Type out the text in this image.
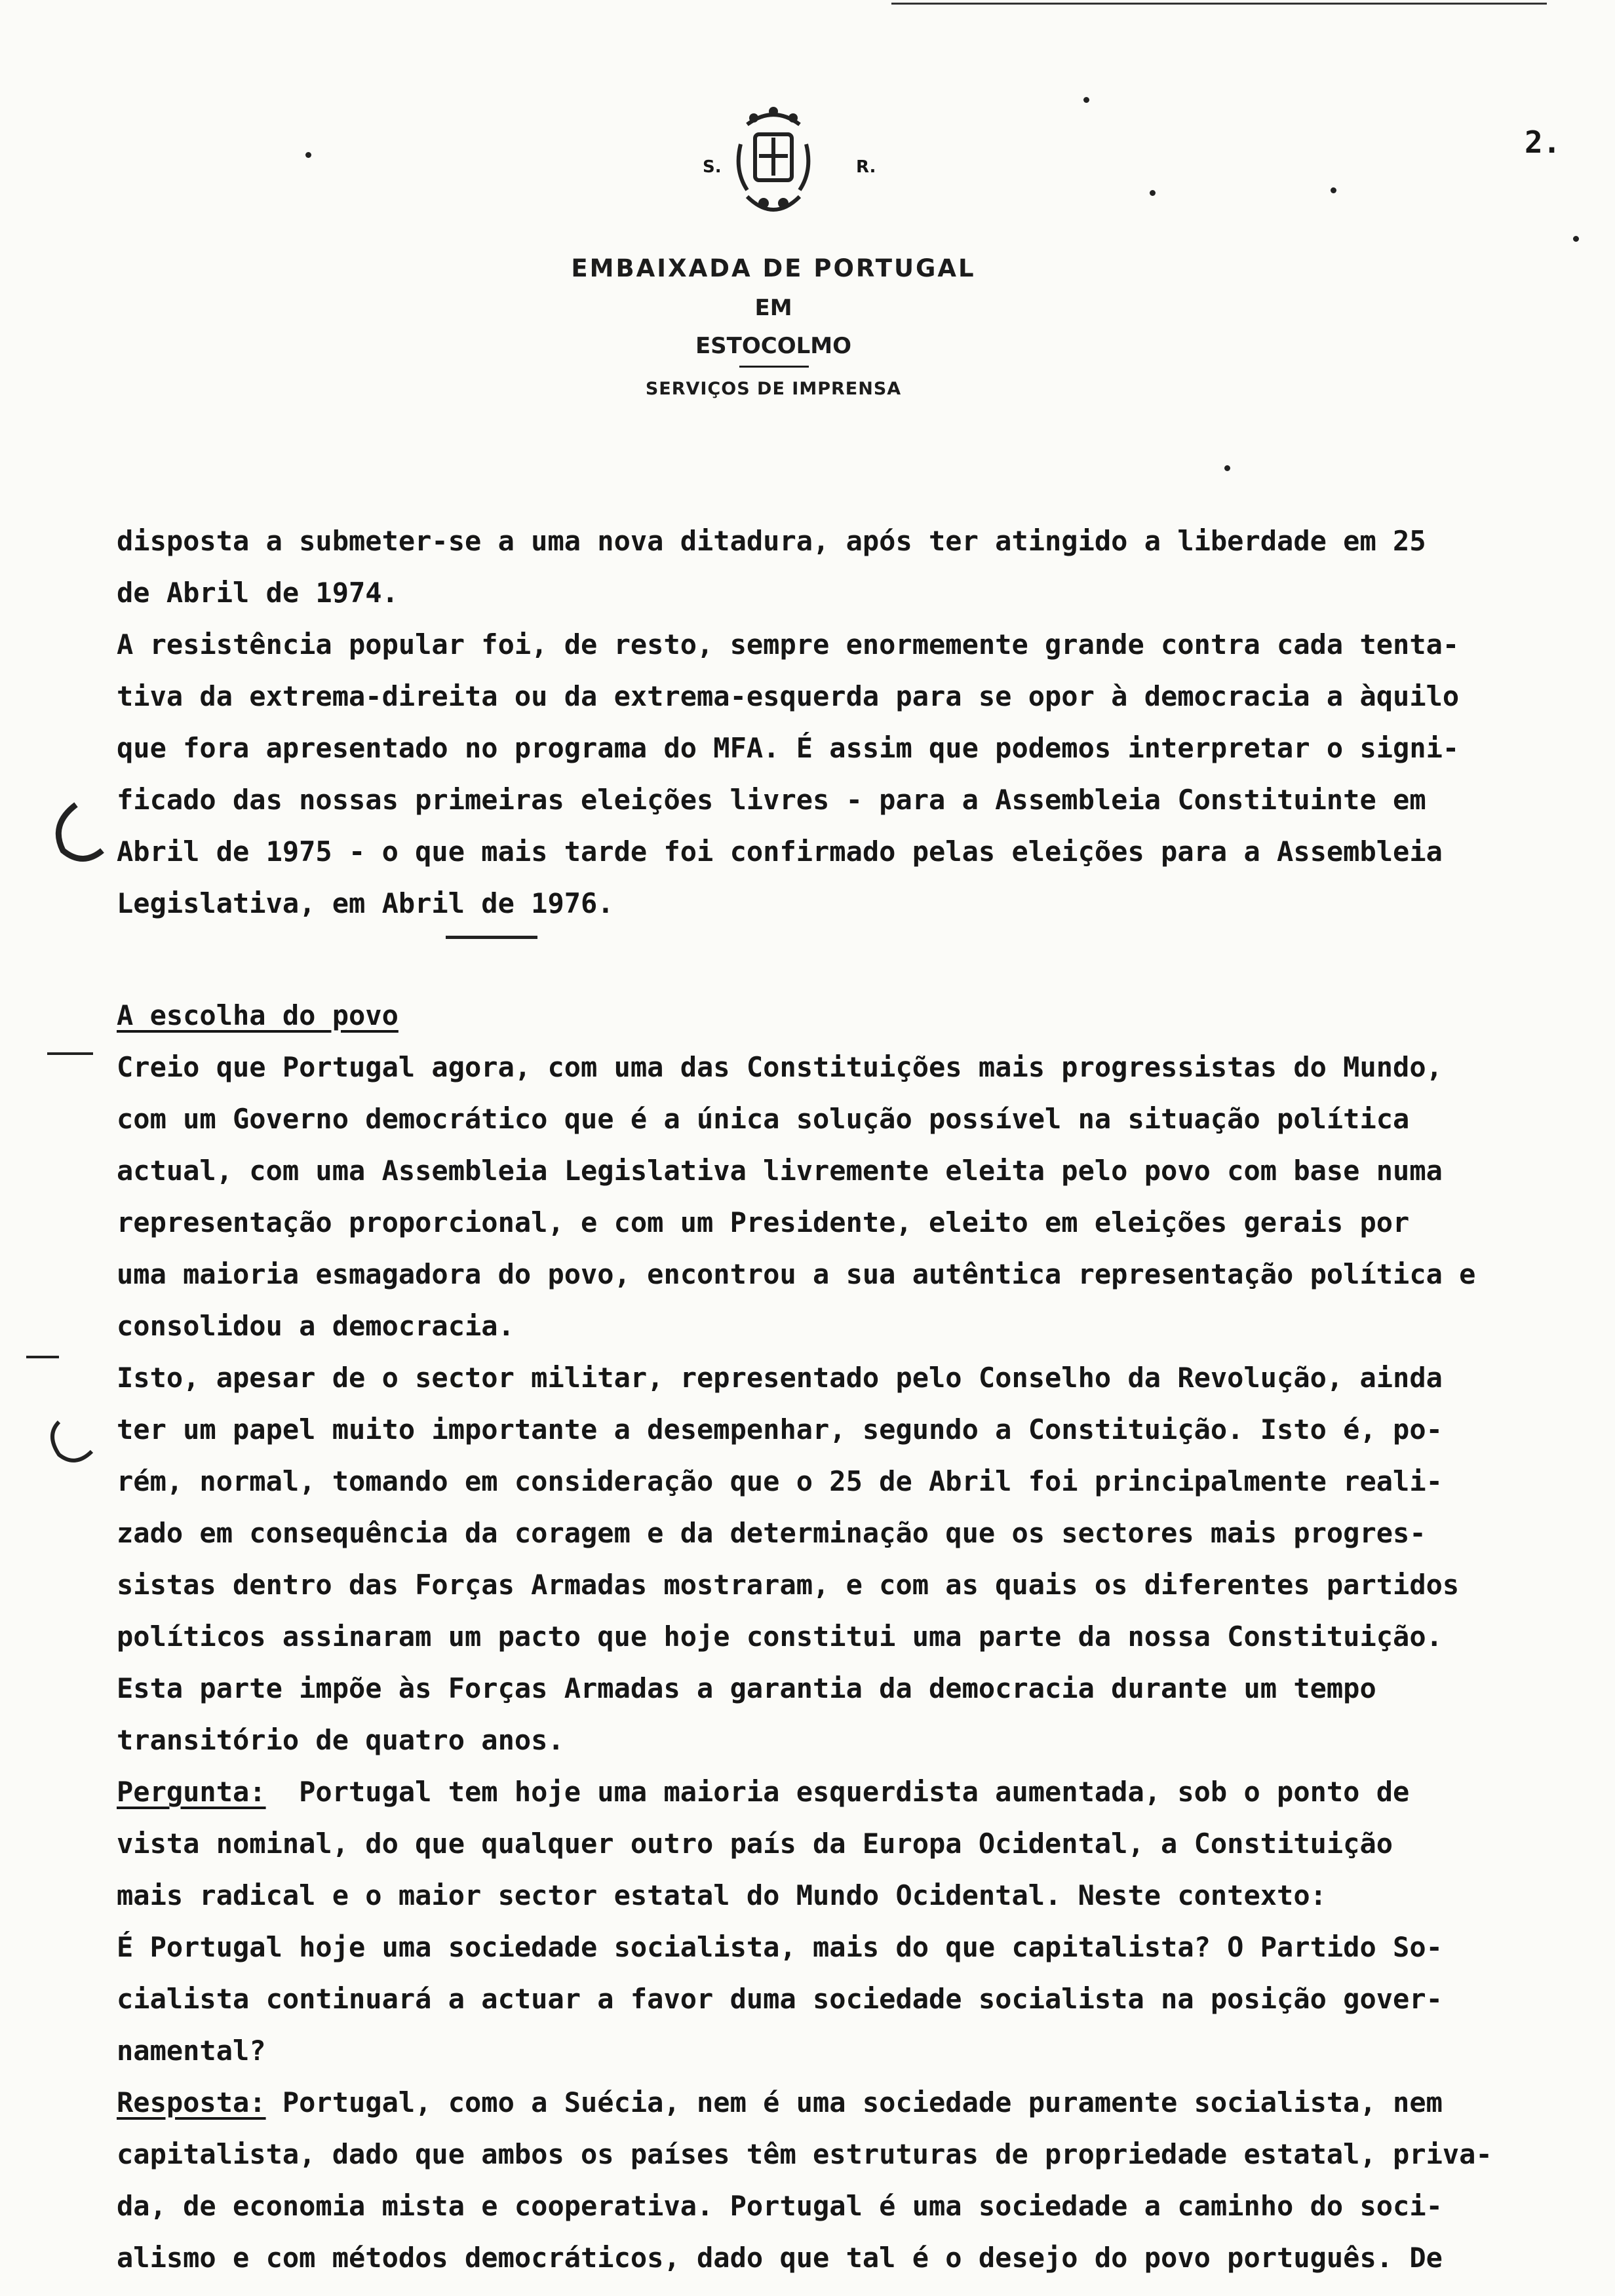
2.
S.	R.
EMBAIXADA DE PORTUGAL
EM
ESTOCOLMO
SERVIÇOS DE IMPRENSA
disposta a submeter-se a uma nova ditadura, após ter atingido a liberdade em 25
de Abril de 1974.
A resistência popular foi, de resto, sempre enormemente grande contra cada tenta-
tiva da extrema-direita ou da extrema-esquerda para se opor à democracia a àquilo
que fora apresentado no programa do MFA. É assim que podemos interpretar o signi-
ficado das nossas primeiras eleições livres - para a Assembleia Constituinte em
Abril de 1975 - o que mais tarde foi confirmado pelas eleições para a Assembleia
Legislativa, em Abril de 1976.
A escolha do povo
Creio que Portugal agora, com uma das Constituições mais progressistas do Mundo,
com um Governo democrático que é a única solução possível na situação política
actual, com uma Assembleia Legislativa livremente eleita pelo povo com base numa
representação proporcional, e com um Presidente, eleito em eleições gerais por
uma maioria esmagadora do povo, encontrou a sua autêntica representação política e
consolidou a democracia.
Isto, apesar de o sector militar, representado pelo Conselho da Revolução, ainda
ter um papel muito importante a desempenhar, segundo a Constituição. Isto é, po-
rém, normal, tomando em consideração que o 25 de Abril foi principalmente reali-
zado em consequência da coragem e da determinação que os sectores mais progres-
sistas dentro das Forças Armadas mostraram, e com as quais os diferentes partidos
políticos assinaram um pacto que hoje constitui uma parte da nossa Constituição.
Esta parte impõe às Forças Armadas a garantia da democracia durante um tempo
transitório de quatro anos.
Pergunta:  Portugal tem hoje uma maioria esquerdista aumentada, sob o ponto de
vista nominal, do que qualquer outro país da Europa Ocidental, a Constituição
mais radical e o maior sector estatal do Mundo Ocidental. Neste contexto:
É Portugal hoje uma sociedade socialista, mais do que capitalista? O Partido So-
cialista continuará a actuar a favor duma sociedade socialista na posição gover-
namental?
Resposta: Portugal, como a Suécia, nem é uma sociedade puramente socialista, nem
capitalista, dado que ambos os países têm estruturas de propriedade estatal, priva-
da, de economia mista e cooperativa. Portugal é uma sociedade a caminho do soci-
alismo e com métodos democráticos, dado que tal é o desejo do povo português. De
